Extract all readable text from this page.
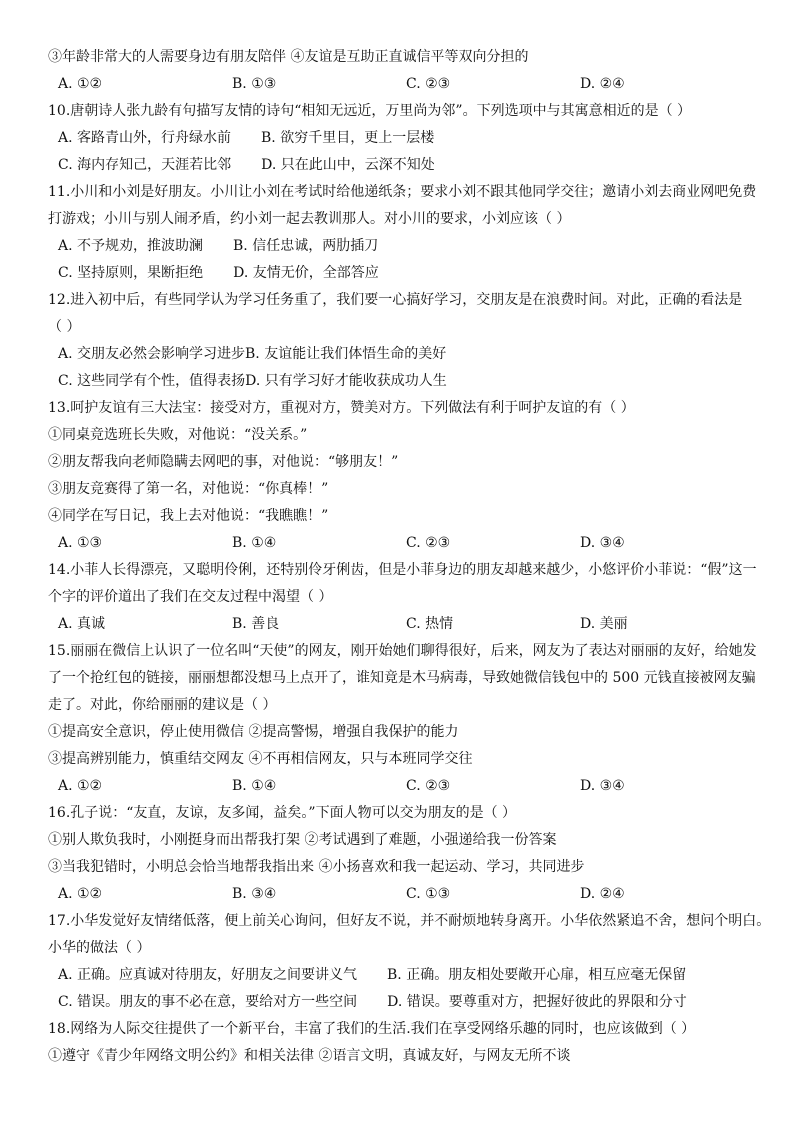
③年龄非常大的人需要身边有朋友陪伴 ④友谊是互助正直诚信平等双向分担的
A. ①②	B. ①③	C. ②③	D. ②④
10.唐朝诗人张九龄有句描写友情的诗句“相知无远近，万里尚为邻”。下列选项中与其寓意相近的是（ ）
A. 客路青山外，行舟绿水前 B. 欲穷千里目，更上一层楼
C. 海内存知己，天涯若比邻 D. 只在此山中，云深不知处
11.小川和小刘是好朋友。小川让小刘在考试时给他递纸条；要求小刘不跟其他同学交往；邀请小刘去商业网吧免费
打游戏；小川与别人闹矛盾，约小刘一起去教训那人。对小川的要求，小刘应该（ ）
A. 不予规劝，推波助澜 B. 信任忠诚，两肋插刀
C. 坚持原则，果断拒绝 D. 友情无价，全部答应
12.进入初中后，有些同学认为学习任务重了，我们要一心搞好学习，交朋友是在浪费时间。对此，正确的看法是
（ ）
A. 交朋友必然会影响学习进步B. 友谊能让我们体悟生命的美好
C. 这些同学有个性，值得表扬D. 只有学习好才能收获成功人生
13.呵护友谊有三大法宝：接受对方，重视对方，赞美对方。下列做法有利于呵护友谊的有（ ）
①同桌竞选班长失败，对他说：“没关系。”
②朋友帮我向老师隐瞒去网吧的事，对他说：“够朋友！”
③朋友竞赛得了第一名，对他说：“你真棒！”
④同学在写日记，我上去对他说：“我瞧瞧！”
A. ①③	B. ①④	C. ②③	D. ③④
14.小菲人长得漂亮，又聪明伶俐，还特别伶牙俐齿，但是小菲身边的朋友却越来越少，小悠评价小菲说：“假”这一
个字的评价道出了我们在交友过程中渴望（ ）
A. 真诚	B. 善良	C. 热情	D. 美丽
15.丽丽在微信上认识了一位名叫“天使”的网友，刚开始她们聊得很好，后来，网友为了表达对丽丽的友好，给她发
了一个抢红包的链接，丽丽想都没想马上点开了，谁知竟是木马病毒，导致她微信钱包中的 500 元钱直接被网友骗
走了。对此，你给丽丽的建议是（ ）
①提高安全意识，停止使用微信 ②提高警惕，增强自我保护的能力
③提高辨别能力，慎重结交网友 ④不再相信网友，只与本班同学交往
A. ①②	B. ①④	C. ②③	D. ③④
16.孔子说：“友直，友谅，友多闻，益矣。”下面人物可以交为朋友的是（ ）
①别人欺负我时，小刚挺身而出帮我打架 ②考试遇到了难题，小强递给我一份答案
③当我犯错时，小明总会恰当地帮我指出来 ④小扬喜欢和我一起运动、学习，共同进步
A. ①②	B. ③④	C. ①③	D. ②④
17.小华发觉好友情绪低落，便上前关心询问，但好友不说，并不耐烦地转身离开。小华依然紧追不舍，想问个明白。
小华的做法（ ）
A. 正确。应真诚对待朋友，好朋友之间要讲义气 B. 正确。朋友相处要敞开心扉，相互应毫无保留
C. 错误。朋友的事不必在意，要给对方一些空间 D. 错误。要尊重对方，把握好彼此的界限和分寸
18.网络为人际交往提供了一个新平台，丰富了我们的生活.我们在享受网络乐趣的同时，也应该做到（ ）
①遵守《青少年网络文明公约》和相关法律 ②语言文明，真诚友好，与网友无所不谈
